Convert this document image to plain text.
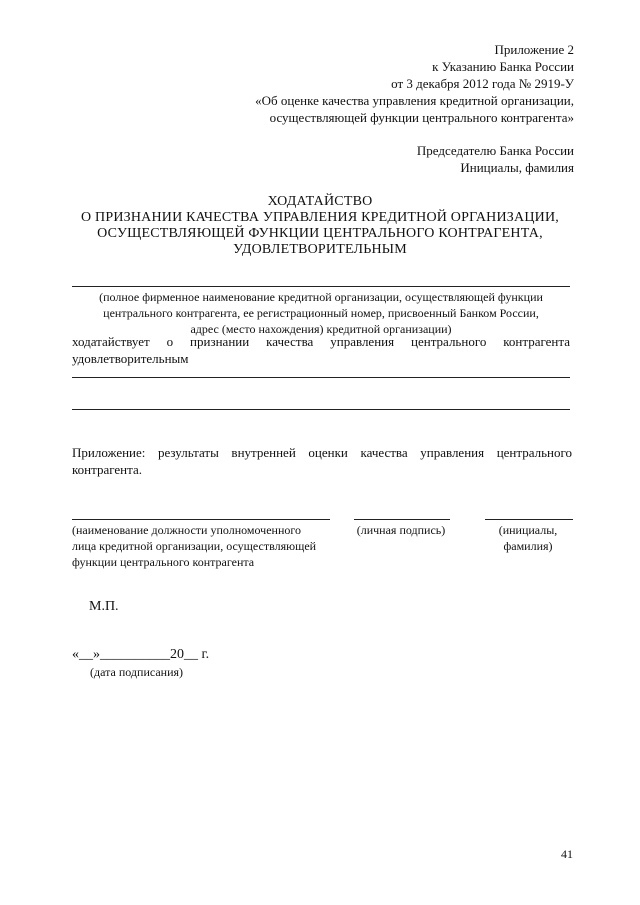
Приложение 2
к Указанию Банка России
от 3 декабря 2012 года № 2919-У
«Об оценке качества управления кредитной организации,
осуществляющей функции центрального контрагента»
Председателю Банка России
Инициалы, фамилия
ХОДАТАЙСТВО
О ПРИЗНАНИИ КАЧЕСТВА УПРАВЛЕНИЯ КРЕДИТНОЙ ОРГАНИЗАЦИИ,
ОСУЩЕСТВЛЯЮЩЕЙ ФУНКЦИИ ЦЕНТРАЛЬНОГО КОНТРАГЕНТА,
УДОВЛЕТВОРИТЕЛЬНЫМ
(полное фирменное наименование кредитной организации, осуществляющей функции
центрального контрагента, ее регистрационный номер, присвоенный Банком России,
адрес (место нахождения) кредитной организации)
ходатайствует о признании качества управления центрального контрагента
удовлетворительным
Приложение: результаты внутренней оценки качества управления центрального
контрагента.
(наименование должности уполномоченного
лица кредитной организации, осуществляющей
функции центрального контрагента
(личная подпись)	(инициалы,
фамилия)
М.П.
«__»__________20__ г.
(дата подписания)
41
